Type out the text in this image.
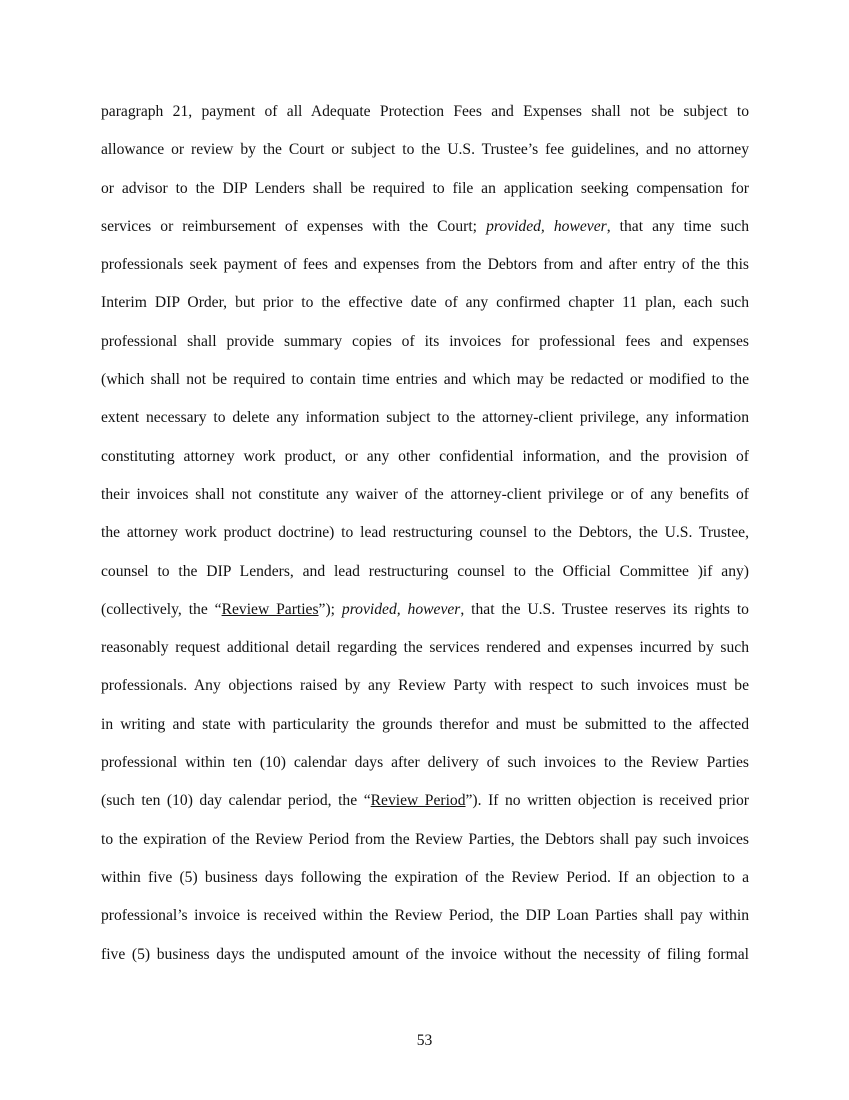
paragraph 21, payment of all Adequate Protection Fees and Expenses shall not be subject to
allowance or review by the Court or subject to the U.S. Trustee’s fee guidelines, and no attorney
or advisor to the DIP Lenders shall be required to file an application seeking compensation for
services or reimbursement of expenses with the Court; provided, however, that any time such
professionals seek payment of fees and expenses from the Debtors from and after entry of the this
Interim DIP Order, but prior to the effective date of any confirmed chapter 11 plan, each such
professional shall provide summary copies of its invoices for professional fees and expenses
(which shall not be required to contain time entries and which may be redacted or modified to the
extent necessary to delete any information subject to the attorney-client privilege, any information
constituting attorney work product, or any other confidential information, and the provision of
their invoices shall not constitute any waiver of the attorney-client privilege or of any benefits of
the attorney work product doctrine) to lead restructuring counsel to the Debtors, the U.S. Trustee,
counsel to the DIP Lenders, and lead restructuring counsel to the Official Committee )if any)
(collectively, the “Review Parties”); provided, however, that the U.S. Trustee reserves its rights to
reasonably request additional detail regarding the services rendered and expenses incurred by such
professionals. Any objections raised by any Review Party with respect to such invoices must be
in writing and state with particularity the grounds therefor and must be submitted to the affected
professional within ten (10) calendar days after delivery of such invoices to the Review Parties
(such ten (10) day calendar period, the “Review Period”). If no written objection is received prior
to the expiration of the Review Period from the Review Parties, the Debtors shall pay such invoices
within five (5) business days following the expiration of the Review Period. If an objection to a
professional’s invoice is received within the Review Period, the DIP Loan Parties shall pay within
five (5) business days the undisputed amount of the invoice without the necessity of filing formal
53
